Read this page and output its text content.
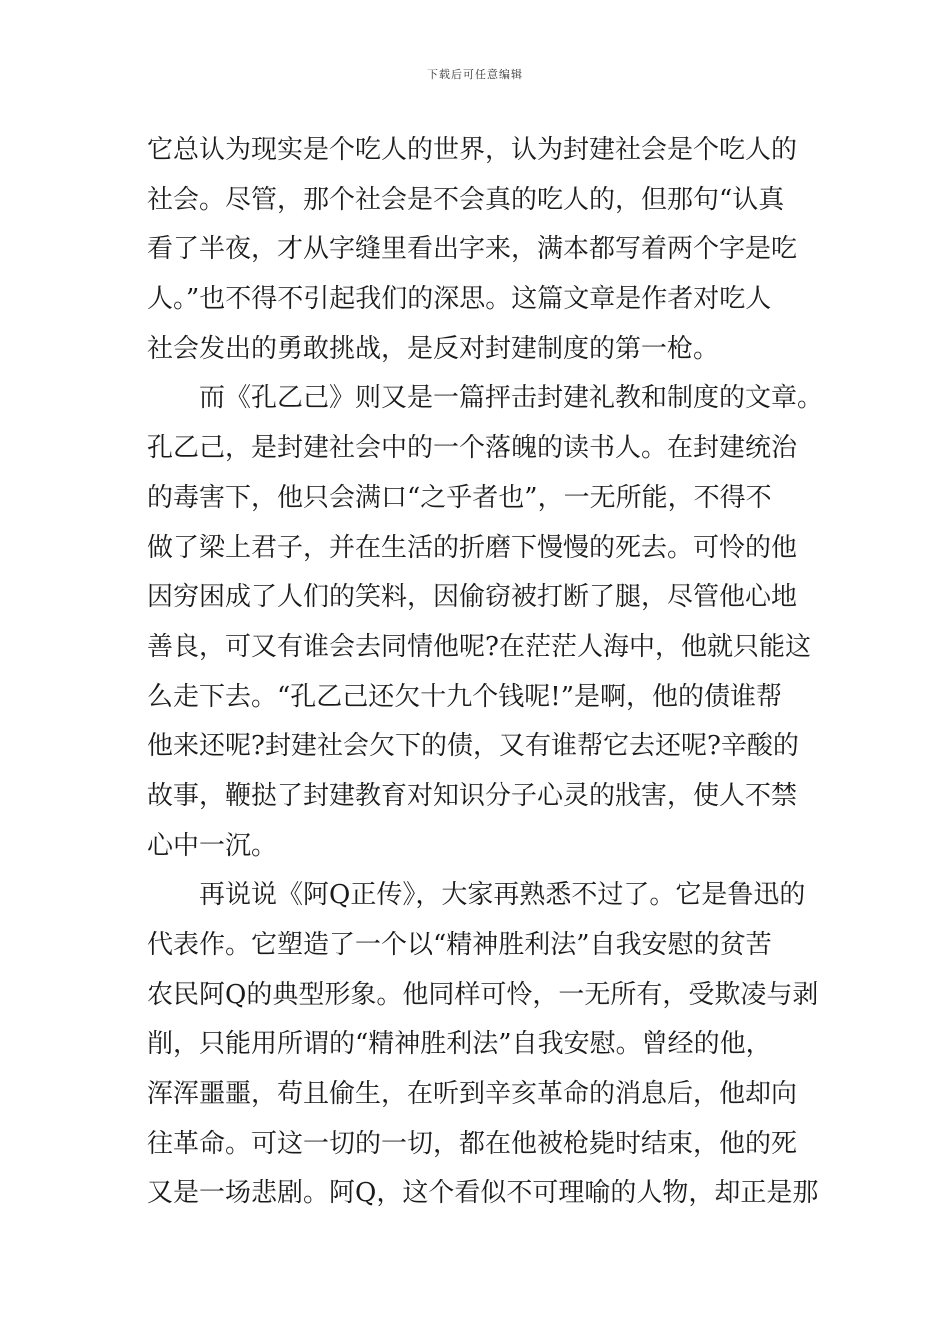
下载后可任意编辑
它总认为现实是个吃人的世界，认为封建社会是个吃人的
社会。尽管，那个社会是不会真的吃人的，但那句“认真
看了半夜，才从字缝里看出字来，满本都写着两个字是吃
人。”也不得不引起我们的深思。这篇文章是作者对吃人
社会发出的勇敢挑战，是反对封建制度的第一枪。
而《孔乙己》则又是一篇抨击封建礼教和制度的文章。
孔乙己，是封建社会中的一个落魄的读书人。在封建统治
的毒害下，他只会满口“之乎者也”，一无所能，不得不
做了梁上君子，并在生活的折磨下慢慢的死去。可怜的他
因穷困成了人们的笑料，因偷窃被打断了腿，尽管他心地
善良，可又有谁会去同情他呢?在茫茫人海中，他就只能这
么走下去。“孔乙己还欠十九个钱呢!”是啊，他的债谁帮
他来还呢?封建社会欠下的债，又有谁帮它去还呢?辛酸的
故事，鞭挞了封建教育对知识分子心灵的戕害，使人不禁
心中一沉。
再说说《阿Q正传》，大家再熟悉不过了。它是鲁迅的
代表作。它塑造了一个以“精神胜利法”自我安慰的贫苦
农民阿Q的典型形象。他同样可怜，一无所有，受欺凌与剥
削，只能用所谓的“精神胜利法”自我安慰。曾经的他，
浑浑噩噩，苟且偷生，在听到辛亥革命的消息后，他却向
往革命。可这一切的一切，都在他被枪毙时结束，他的死
又是一场悲剧。阿Q，这个看似不可理喻的人物，却正是那
